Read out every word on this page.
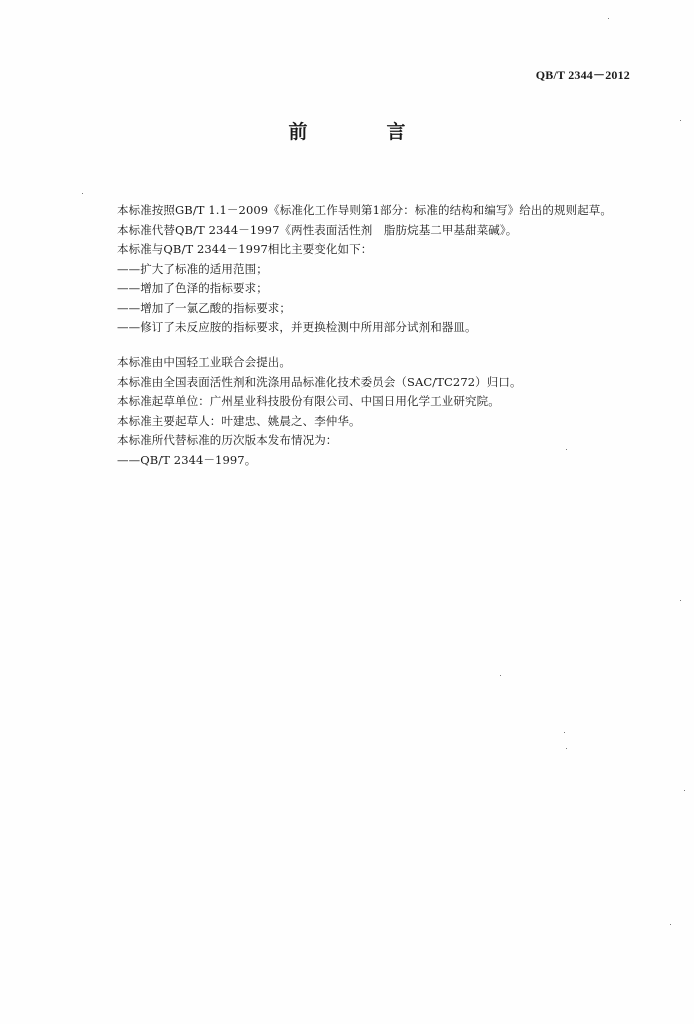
QB/T 2344－2012
前　言
本标准按照GB/T 1.1－2009《标准化工作导则第1部分：标准的结构和编写》给出的规则起草。
本标准代替QB/T 2344－1997《两性表面活性剂　脂肪烷基二甲基甜菜碱》。
本标准与QB/T 2344－1997相比主要变化如下：
——扩大了标准的适用范围；
——增加了色泽的指标要求；
——增加了一氯乙酸的指标要求；
——修订了未反应胺的指标要求，并更换检测中所用部分试剂和器皿。
本标准由中国轻工业联合会提出。
本标准由全国表面活性剂和洗涤用品标准化技术委员会（SAC/TC272）归口。
本标准起草单位：广州星业科技股份有限公司、中国日用化学工业研究院。
本标准主要起草人：叶建忠、姚晨之、李仲华。
本标准所代替标准的历次版本发布情况为：
——QB/T 2344－1997。
